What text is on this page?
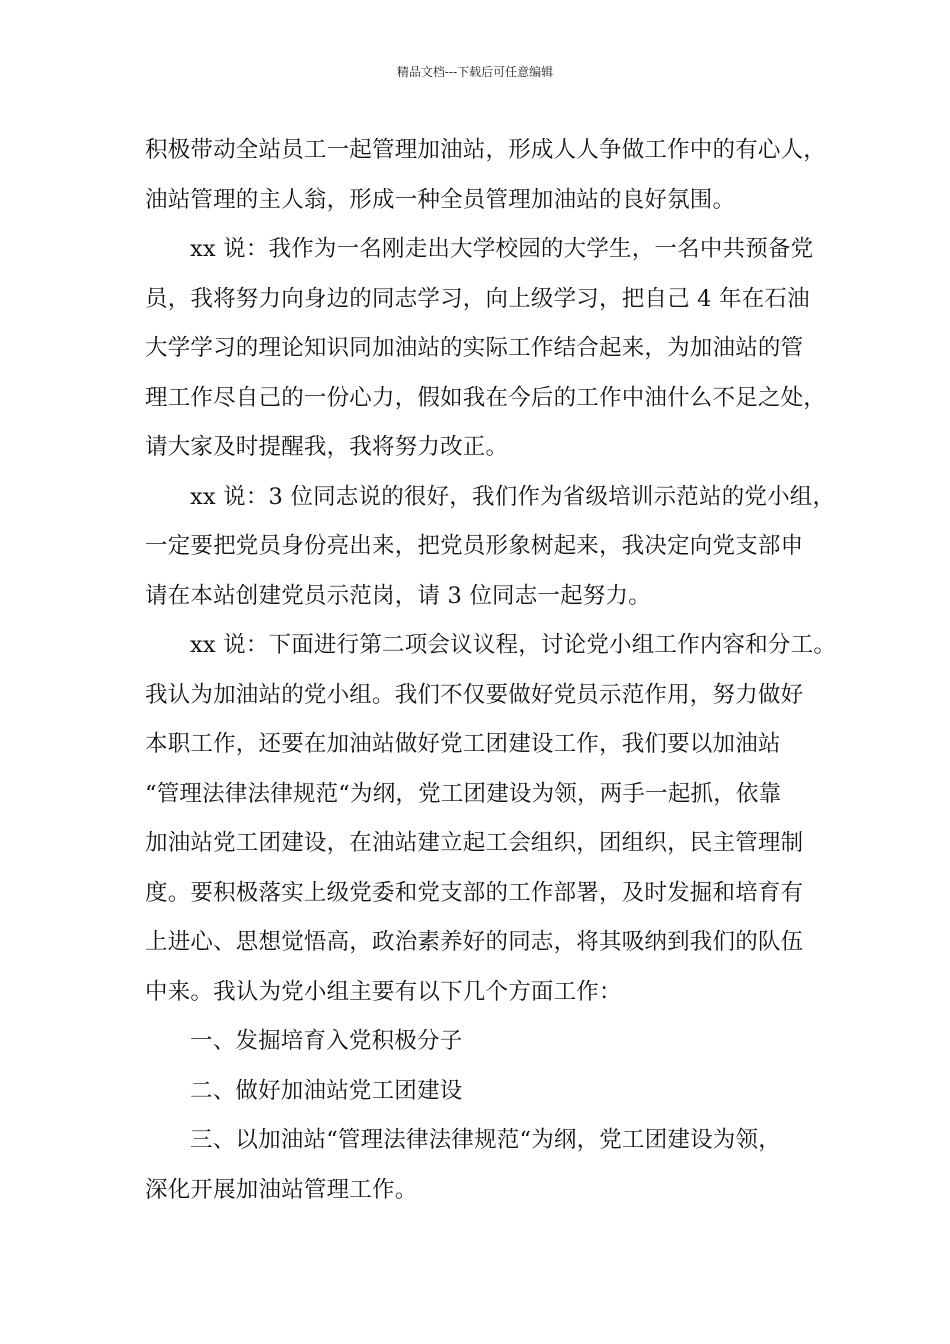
精品文档---下载后可任意编辑
积极带动全站员工一起管理加油站，形成人人争做工作中的有心人，
油站管理的主人翁，形成一种全员管理加油站的良好氛围。
xx 说：我作为一名刚走出大学校园的大学生，一名中共预备党
员，我将努力向身边的同志学习，向上级学习，把自己 4 年在石油
大学学习的理论知识同加油站的实际工作结合起来，为加油站的管
理工作尽自己的一份心力，假如我在今后的工作中油什么不足之处，
请大家及时提醒我，我将努力改正。
xx 说：3 位同志说的很好，我们作为省级培训示范站的党小组，
一定要把党员身份亮出来，把党员形象树起来，我决定向党支部申
请在本站创建党员示范岗，请 3 位同志一起努力。
xx 说：下面进行第二项会议议程，讨论党小组工作内容和分工。
我认为加油站的党小组。我们不仅要做好党员示范作用，努力做好
本职工作，还要在加油站做好党工团建设工作，我们要以加油站
“管理法律法律规范“为纲，党工团建设为领，两手一起抓，依靠
加油站党工团建设，在油站建立起工会组织，团组织，民主管理制
度。要积极落实上级党委和党支部的工作部署，及时发掘和培育有
上进心、思想觉悟高，政治素养好的同志，将其吸纳到我们的队伍
中来。我认为党小组主要有以下几个方面工作：
一、发掘培育入党积极分子
二、做好加油站党工团建设
三、以加油站“管理法律法律规范“为纲，党工团建设为领，
深化开展加油站管理工作。
